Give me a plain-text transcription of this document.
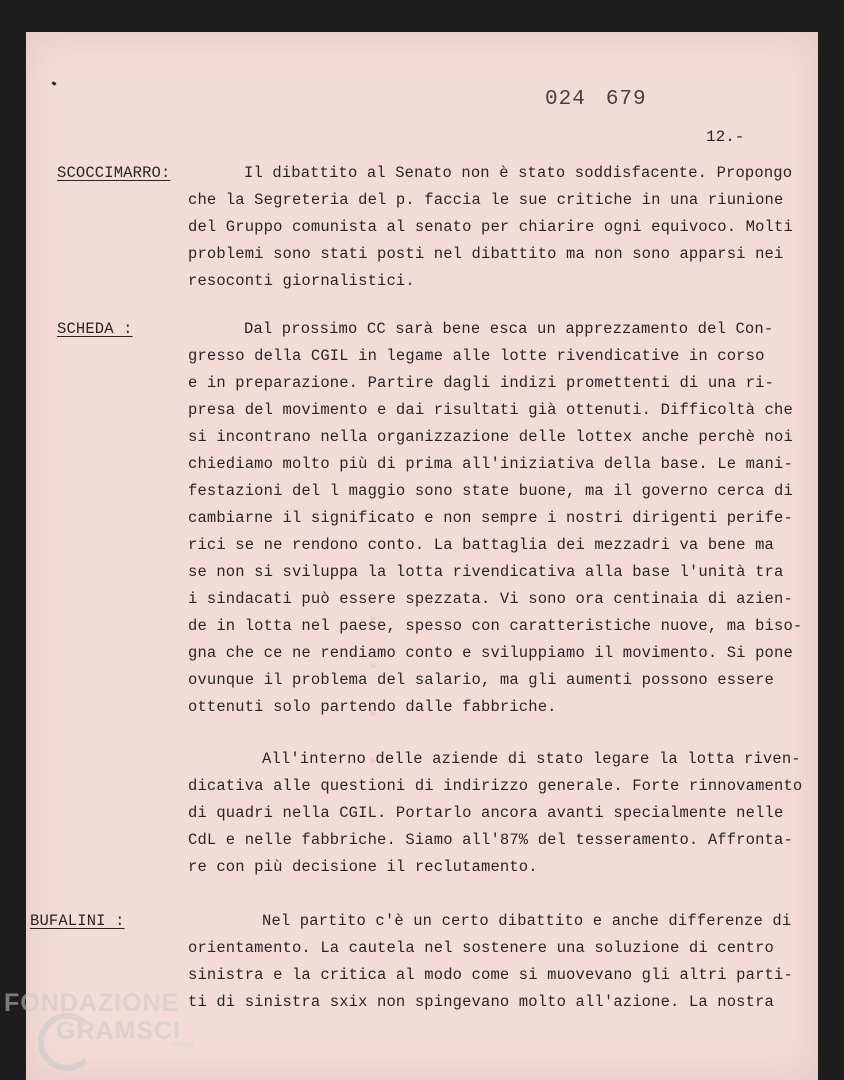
ˑ ˑ ˑ ˑ
024 679
12.-

SCOCCIMARRO:	Il dibattito al Senato non è stato soddisfacente. Propongo

che la Segreteria del p. faccia le sue critiche in una riunione

del Gruppo comunista al senato per chiarire ogni equivoco. Molti

problemi sono stati posti nel dibattito ma non sono apparsi nei

resoconti giornalistici.

SCHEDA :	Dal prossimo CC sarà bene esca un apprezzamento del Con-

gresso della CGIL in legame alle lotte rivendicative in corso

e in preparazione. Partire dagli indizi promettenti di una ri-

presa del movimento e dai risultati già ottenuti. Difficoltà che

si incontrano nella organizzazione delle lottex anche perchè noi

chiediamo molto più di prima all'iniziativa della base. Le mani-

festazioni del l maggio sono state buone, ma il governo cerca di

cambiarne il significato e non sempre i nostri dirigenti perife-

rici se ne rendono conto. La battaglia dei mezzadri va bene ma

se non si sviluppa la lotta rivendicativa alla base l'unità tra

i sindacati può essere spezzata. Vi sono ora centinaia di azien-

de in lotta nel paese, spesso con caratteristiche nuove, ma biso-

gna che ce ne rendiamo conto e sviluppiamo il movimento. Si pone

ovunque il problema del salario, ma gli aumenti possono essere

ottenuti solo partendo dalle fabbriche.

All'interno delle aziende di stato legare la lotta riven-

dicativa alle questioni di indirizzo generale. Forte rinnovamento

di quadri nella CGIL. Portarlo ancora avanti specialmente nelle

CdL e nelle fabbriche. Siamo all'87% del tesseramento. Affronta-

re con più decisione il reclutamento.

BUFALINI :	Nel partito c'è un certo dibattito e anche differenze di

orientamento. La cautela nel sostenere una soluzione di centro

sinistra e la critica al modo come si muovevano gli altri parti-

ti di sinistra sxix non spingevano molto all'azione. La nostra

FONDAZIONE
GRAMSCI
onlus
